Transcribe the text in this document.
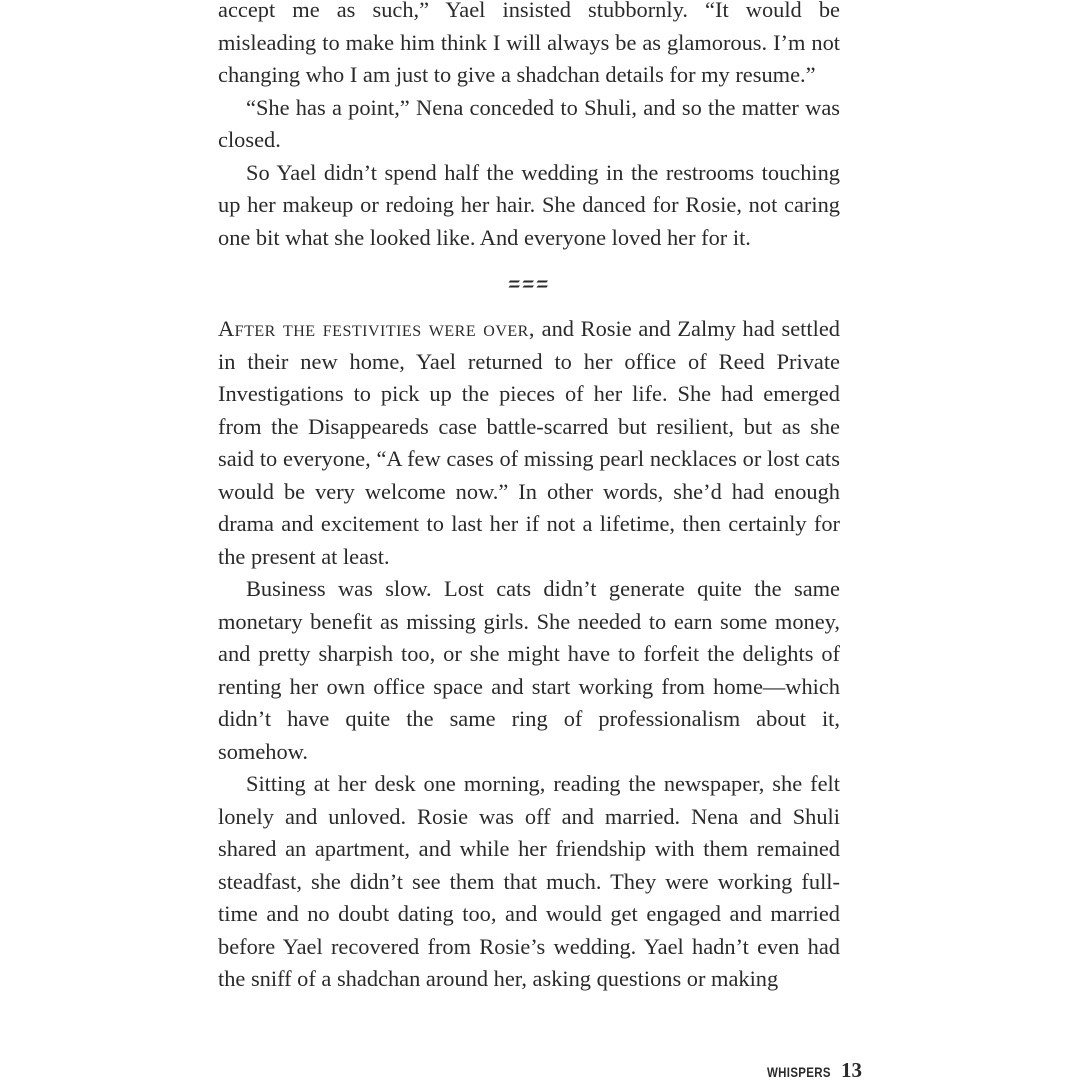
accept me as such,” Yael insisted stubbornly. “It would be misleading to make him think I will always be as glamorous. I’m not changing who I am just to give a shadchan details for my resume.”

“She has a point,” Nena conceded to Shuli, and so the matter was closed.

So Yael didn’t spend half the wedding in the restrooms touching up her makeup or redoing her hair. She danced for Rosie, not caring one bit what she looked like. And everyone loved her for it.

After the festivities were over, and Rosie and Zalmy had settled in their new home, Yael returned to her office of Reed Private Investigations to pick up the pieces of her life. She had emerged from the Disappeareds case battle-scarred but resilient, but as she said to everyone, “A few cases of missing pearl necklaces or lost cats would be very welcome now.” In other words, she’d had enough drama and excitement to last her if not a lifetime, then certainly for the present at least.

Business was slow. Lost cats didn’t generate quite the same monetary benefit as missing girls. She needed to earn some money, and pretty sharpish too, or she might have to forfeit the delights of renting her own office space and start working from home—which didn’t have quite the same ring of professionalism about it, somehow.

Sitting at her desk one morning, reading the newspaper, she felt lonely and unloved. Rosie was off and married. Nena and Shuli shared an apartment, and while her friendship with them remained steadfast, she didn’t see them that much. They were working full-time and no doubt dating too, and would get engaged and married before Yael recovered from Rosie’s wedding. Yael hadn’t even had the sniff of a shadchan around her, asking questions or making

WHISPERS 13
